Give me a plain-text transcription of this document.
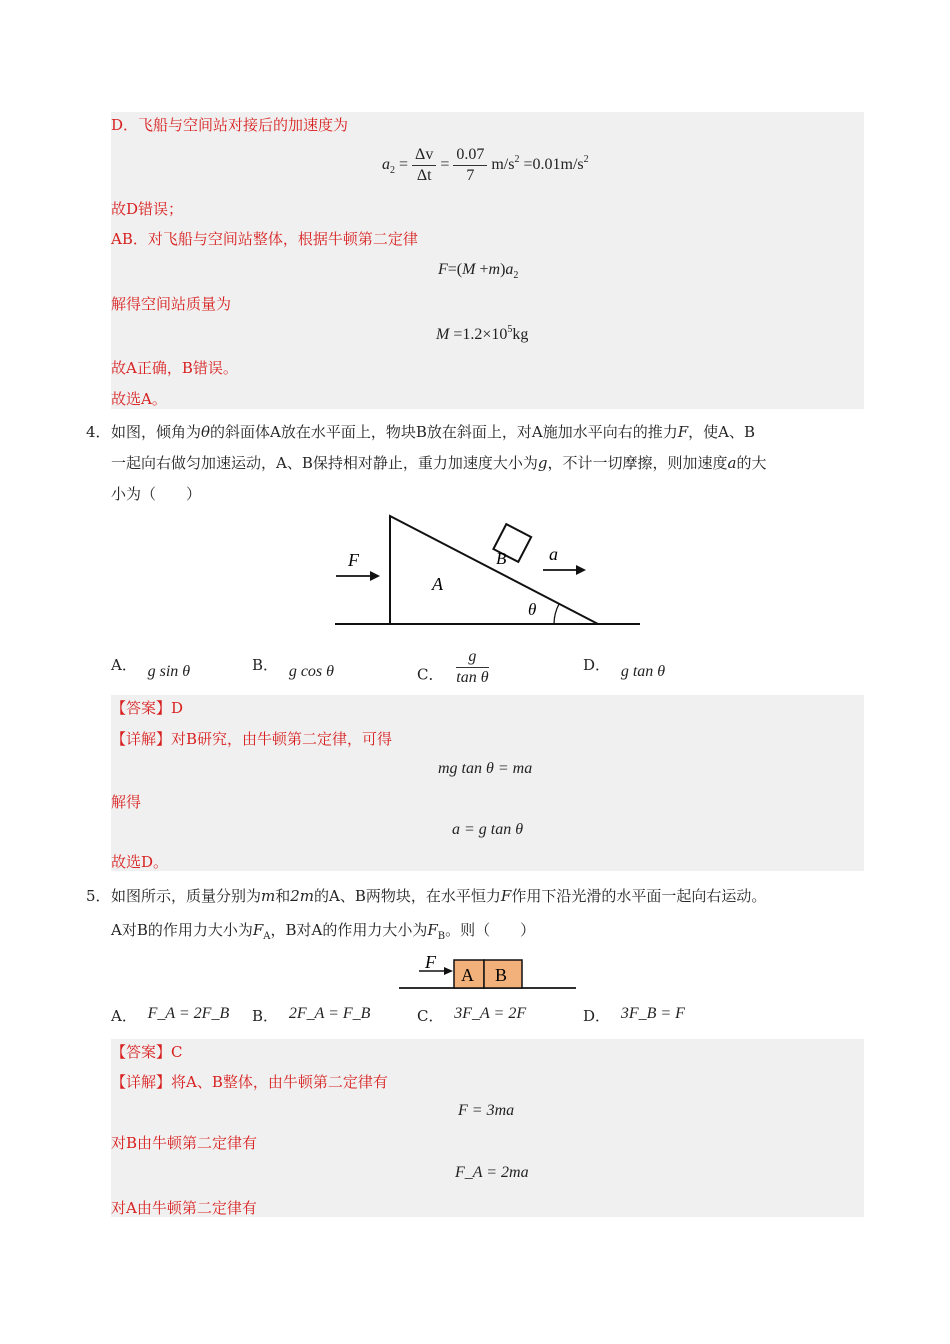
D．飞船与空间站对接后的加速度为
$a_2 = \frac{\Delta v}{\Delta t} = \frac{0.07}{7} m/s^2 =0.01m/s^2$
故D错误；
AB．对飞船与空间站整体，根据牛顿第二定律
$F=(M +m)a_2$
解得空间站质量为
$M =1.2\times 10^5kg$
故A正确，B错误。
故选A。
4． 如图，倾角为θ的斜面体A放在水平面上，物块B放在斜面上，对A施加水平向右的推力F，使A、B
一起向右做匀加速运动，A、B保持相对静止，重力加速度大小为g，不计一切摩擦，则加速度a的大
小为（　　）
F
A
B a
θ
A． g sin θ	B． g cos θ	C． $\frac{g}{\text{tan θ}}$	D． g tan θ
【答案】D
【详解】对B研究，由牛顿第二定律，可得
mg tan θ = ma
解得
a = g tan θ
故选D。
5． 如图所示，质量分别为m和2m的A、B两物块，在水平恒力F作用下沿光滑的水平面一起向右运动。
A对B的作用力大小为$F_A$，B对A的作用力大小为$F_B$。则（　　）
A B
F
A． F_A = 2F_B B． 2F_A = F_B	C． 3F_A = 2F	D． 3F_B = F
【答案】C
【详解】将A、B整体，由牛顿第二定律有
F = 3ma
对B由牛顿第二定律有
F_A = 2ma
对A由牛顿第二定律有
